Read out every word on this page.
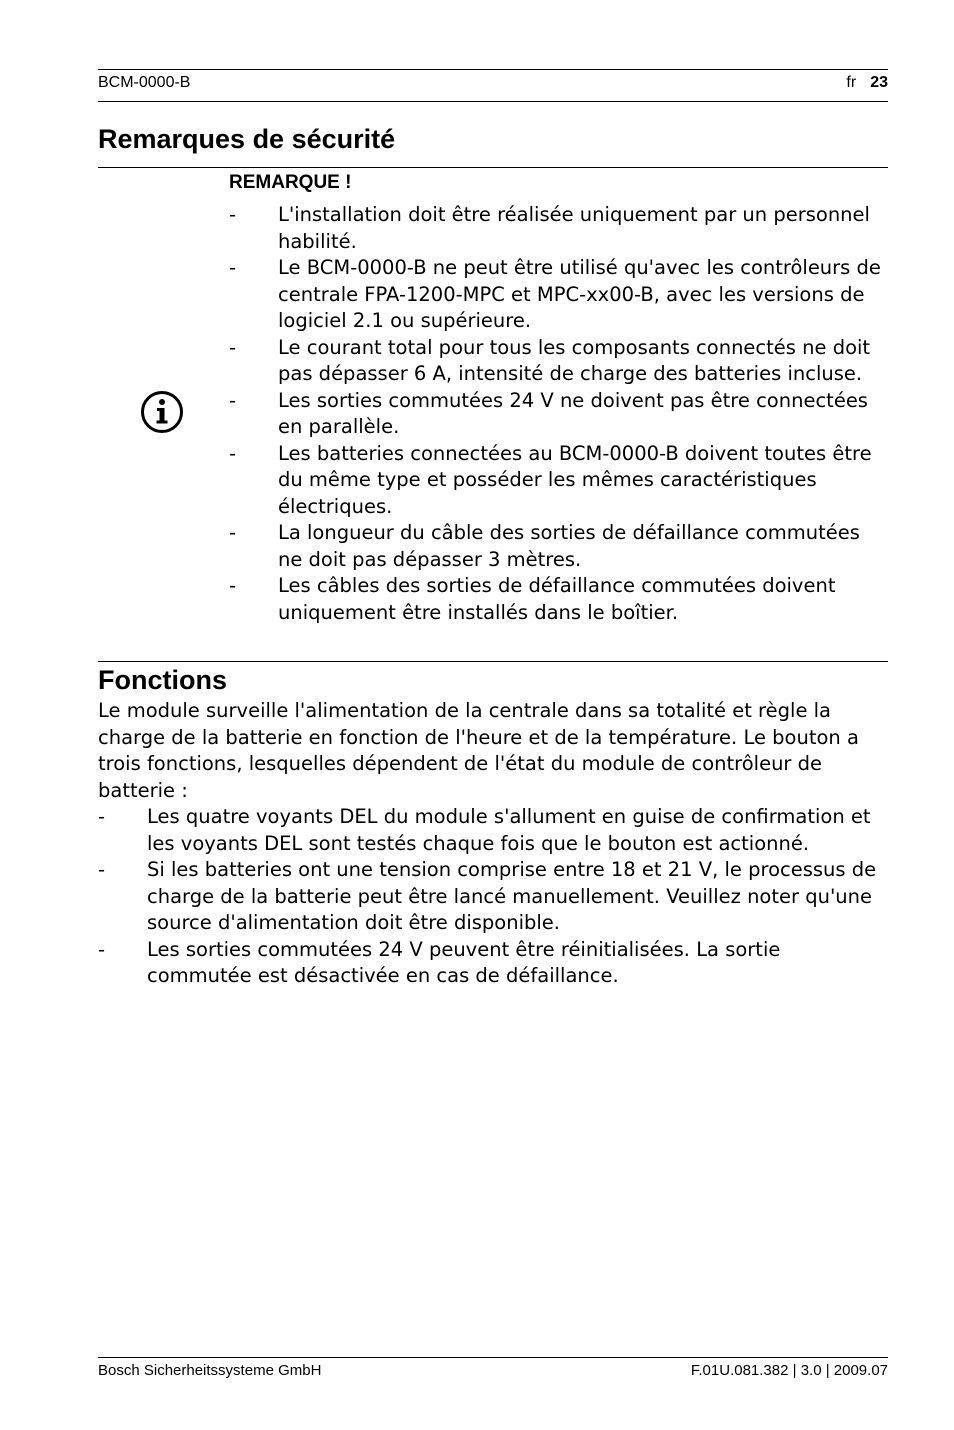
BCM-0000-B	fr 23
Remarques de sécurité
REMARQUE !
- L'installation doit être réalisée uniquement par un personnel habilité.
- Le BCM-0000-B ne peut être utilisé qu'avec les contrôleurs de centrale FPA-1200-MPC et MPC-xx00-B, avec les versions de logiciel 2.1 ou supérieure.
- Le courant total pour tous les composants connectés ne doit pas dépasser 6 A, intensité de charge des batteries incluse.
- Les sorties commutées 24 V ne doivent pas être connectées en parallèle.
- Les batteries connectées au BCM-0000-B doivent toutes être du même type et posséder les mêmes caractéristiques électriques.
- La longueur du câble des sorties de défaillance commutées ne doit pas dépasser 3 mètres.
- Les câbles des sorties de défaillance commutées doivent uniquement être installés dans le boîtier.
Fonctions

Le module surveille l'alimentation de la centrale dans sa totalité et règle la charge de la batterie en fonction de l'heure et de la température. Le bouton a trois fonctions, lesquelles dépendent de l'état du module de contrôleur de batterie :

- Les quatre voyants DEL du module s'allument en guise de confirmation et les voyants DEL sont testés chaque fois que le bouton est actionné.
- Si les batteries ont une tension comprise entre 18 et 21 V, le processus de charge de la batterie peut être lancé manuellement. Veuillez noter qu'une source d'alimentation doit être disponible.
- Les sorties commutées 24 V peuvent être réinitialisées. La sortie commutée est désactivée en cas de défaillance.
Bosch Sicherheitssysteme GmbH	F.01U.081.382 | 3.0 | 2009.07
